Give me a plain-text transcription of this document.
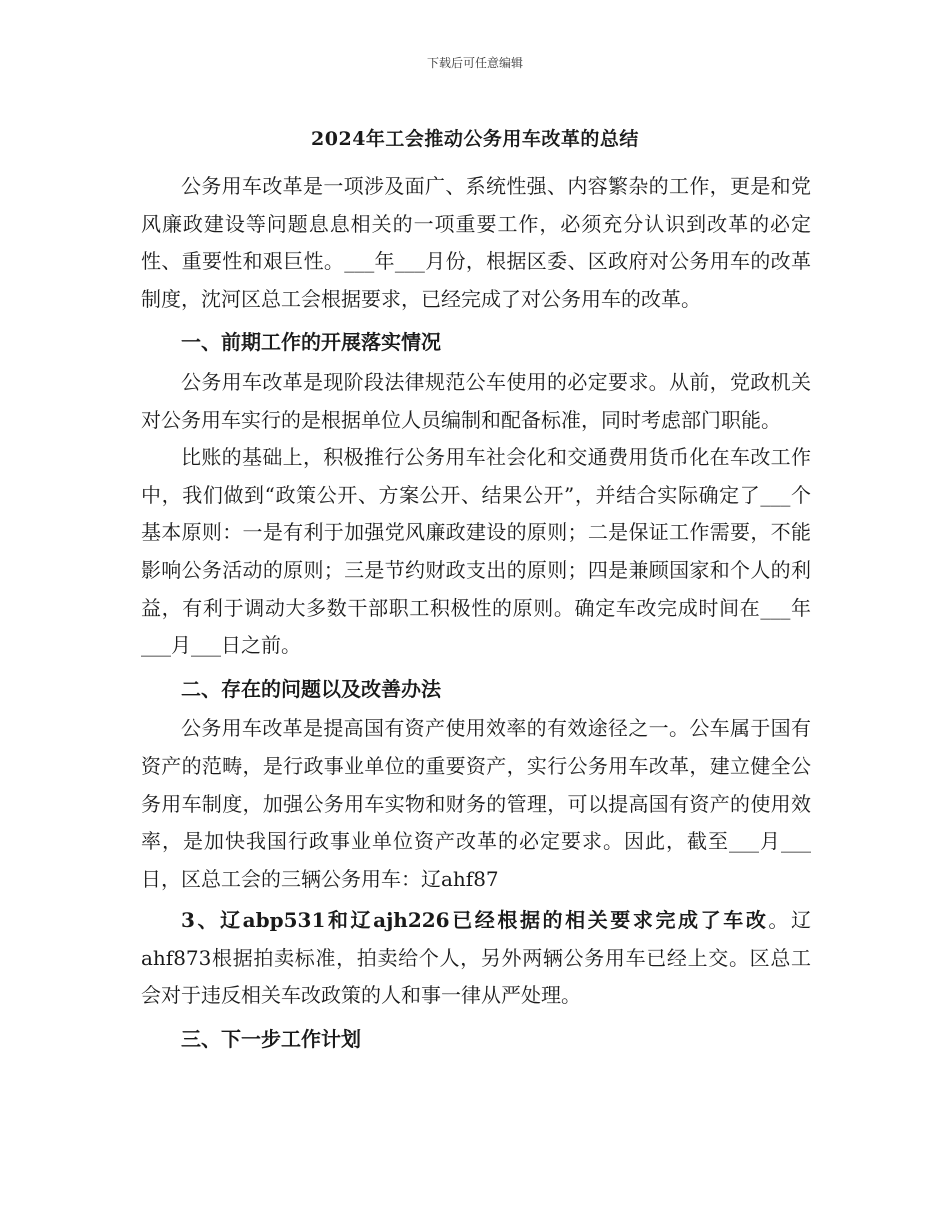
下载后可任意编辑
2024年工会推动公务用车改革的总结

公务用车改革是一项涉及面广、系统性强、内容繁杂的工作，更是和党风廉政建设等问题息息相关的一项重要工作，必须充分认识到改革的必定性、重要性和艰巨性。___年___月份，根据区委、区政府对公务用车的改革制度，沈河区总工会根据要求，已经完成了对公务用车的改革。

一、前期工作的开展落实情况

公务用车改革是现阶段法律规范公车使用的必定要求。从前，党政机关对公务用车实行的是根据单位人员编制和配备标准，同时考虑部门职能。

比账的基础上，积极推行公务用车社会化和交通费用货币化在车改工作中，我们做到“政策公开、方案公开、结果公开”，并结合实际确定了___个基本原则：一是有利于加强党风廉政建设的原则；二是保证工作需要，不能影响公务活动的原则；三是节约财政支出的原则；四是兼顾国家和个人的利益，有利于调动大多数干部职工积极性的原则。确定车改完成时间在___年___月___日之前。

二、存在的问题以及改善办法

公务用车改革是提高国有资产使用效率的有效途径之一。公车属于国有资产的范畴，是行政事业单位的重要资产，实行公务用车改革，建立健全公务用车制度，加强公务用车实物和财务的管理，可以提高国有资产的使用效率，是加快我国行政事业单位资产改革的必定要求。因此，截至___月___日，区总工会的三辆公务用车：辽ahf87

3、辽abp531和辽ajh226已经根据的相关要求完成了车改。辽ahf873根据拍卖标准，拍卖给个人，另外两辆公务用车已经上交。区总工会对于违反相关车改政策的人和事一律从严处理。

三、下一步工作计划
